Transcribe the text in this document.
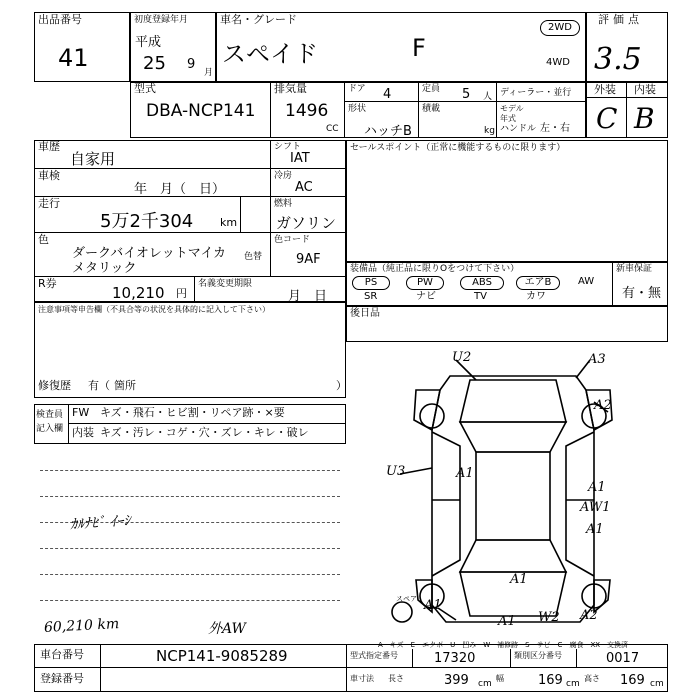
出品番号
41
初度登録年月
平成
25 9
月
車名・グレード
スペイド	F
2WD
4WD
評価点
3.5
外装 内装
C B
型式
DBA-NCP141
排気量
1496
CC
ドア 4	定員 5 人 ディーラー・並行
形状
ハッチB
積載
kg
モデル年式
ハンドル 左・右
車歴
自家用
シフト
IAT
車検
年　月（　日）
冷房
AC
走行
5万2千304 km
燃料
ガソリン
色
ダークバイオレットマイカ
メタリック
色替
色コード
9AF
R券
10,210 円
名義変更期限
月　日
注意事項等申告欄（不具合等の状況を具体的に記入して下さい）
修復歴 有（ 箇所	）
検査員
記入欄
FW キズ・飛石・ヒビ割・リペア跡・×要
内装 キズ・汚レ・コゲ・穴・ズレ・キレ・破レ
ｶﾙﾅﾋﾞ ｲｰｼ
60,210 km	外AW
セールスポイント（正常に機能するものに限ります）
装備品（純正品に限りOをつけて下さい）	新車保証
有・無
PS	PW	ABS	エアB	AW
SR	ナビ	TV	カワ
後日品
A1
A1
AW1
A1
A1
A1
U3
U2	A3
A2
A1 W2 A2
スペア
A－キズ　E－エクボ　U－凹み　W－補修跡　S－サビ　C－腐食　XX－交換済
車台番号	NCP141-9085289
登録番号
型式指定番号	17320	類別区分番号	0017
車寸法 長さ	399 cm
幅	169 cm
高さ 169 cm
